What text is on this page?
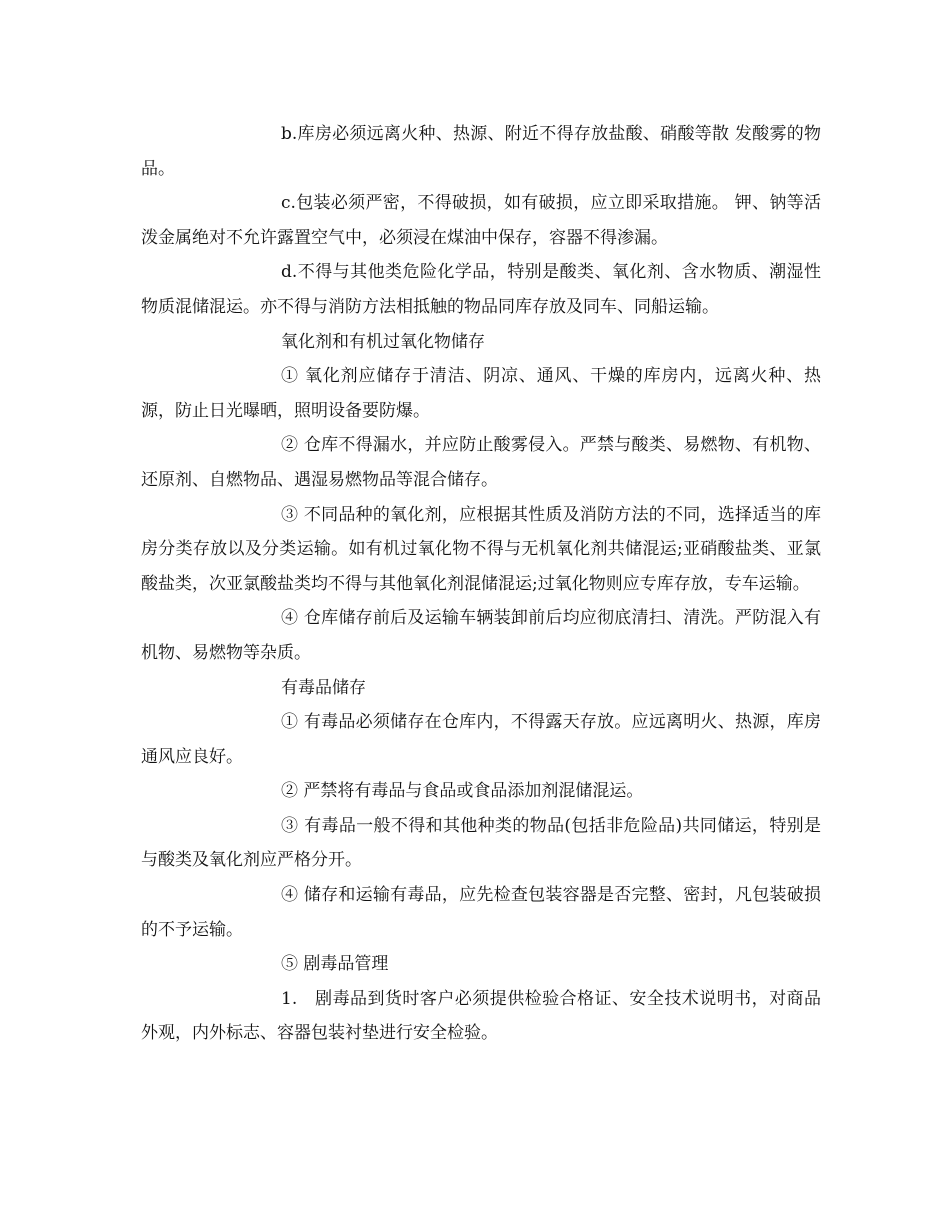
b.库房必须远离火种、热源、附近不得存放盐酸、硝酸等散 发酸雾的物品。

c.包装必须严密，不得破损，如有破损，应立即采取措施。 钾、钠等活泼金属绝对不允许露置空气中，必须浸在煤油中保存，容器不得渗漏。

d.不得与其他类危险化学品，特别是酸类、氧化剂、含水物质、潮湿性物质混储混运。亦不得与消防方法相抵触的物品同库存放及同车、同船运输。

氧化剂和有机过氧化物储存

① 氧化剂应储存于清洁、阴凉、通风、干燥的库房内，远离火种、热源，防止日光曝晒，照明设备要防爆。

② 仓库不得漏水，并应防止酸雾侵入。严禁与酸类、易燃物、有机物、还原剂、自燃物品、遇湿易燃物品等混合储存。

③ 不同品种的氧化剂，应根据其性质及消防方法的不同，选择适当的库房分类存放以及分类运输。如有机过氧化物不得与无机氧化剂共储混运;亚硝酸盐类、亚氯酸盐类，次亚氯酸盐类均不得与其他氧化剂混储混运;过氧化物则应专库存放，专车运输。

④ 仓库储存前后及运输车辆装卸前后均应彻底清扫、清洗。严防混入有机物、易燃物等杂质。

有毒品储存

① 有毒品必须储存在仓库内，不得露天存放。应远离明火、热源，库房通风应良好。

② 严禁将有毒品与食品或食品添加剂混储混运。

③ 有毒品一般不得和其他种类的物品(包括非危险品)共同储运，特别是与酸类及氧化剂应严格分开。

④ 储存和运输有毒品，应先检查包装容器是否完整、密封，凡包装破损的不予运输。

⑤ 剧毒品管理

1.　剧毒品到货时客户必须提供检验合格证、安全技术说明书，对商品外观，内外标志、容器包装衬垫进行安全检验。
